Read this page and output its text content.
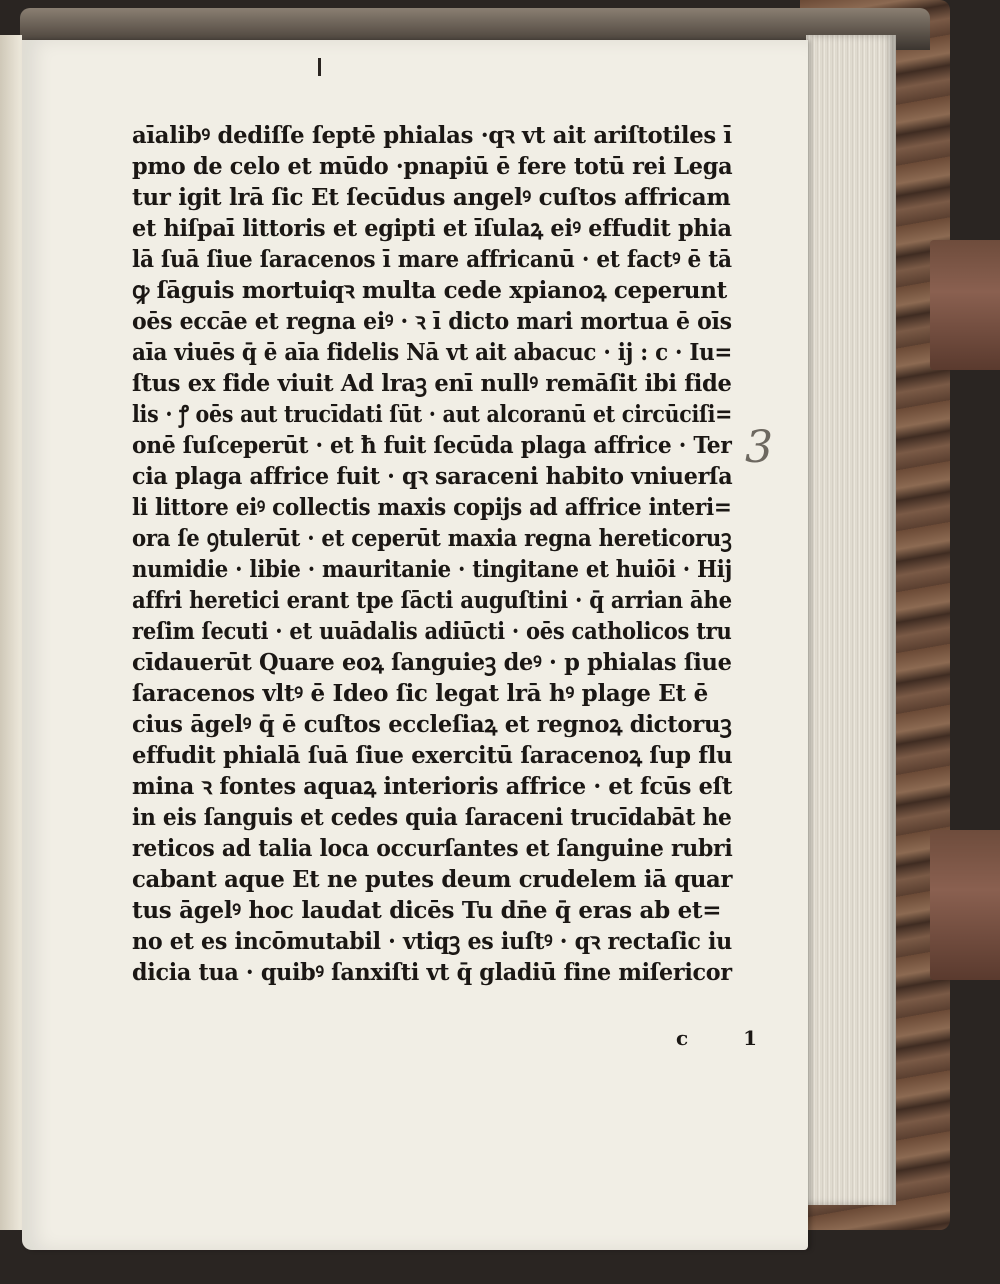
aīalibꝰ dediſſe ſeptē phialas ·qꝛ vt ait ariſtotiles ī
pmo de celo et mūdo ·pnapiū ē fere totū rei Lega
tur igit lrā ſic Et ſecūdus angelꝰ cuſtos affricam
et hiſpaī littoris et egipti et īſulaꝝ eiꝰ effudit phia
lā ſuā ſiue ſaracenos ī mare affricanū · et factꝰ ē tā
ꝙ ſāguis mortuiqꝛ multa cede xpianoꝝ ceperunt
oēs eccāe et regna eiꝰ · ꝛ ī dicto mari mortua ē oīs
aīa viuēs q̄ ē aīa fidelis Nā vt ait abacuc · ij : c · Iu=
ſtus ex fide viuit Ad lraꝫ enī nullꝰ remāſit ibi fide
lis · ꝭ oēs aut trucīdati ſūt · aut alcoranū et circūciſi=
onē ſuſceperūt · et ħ fuit ſecūda plaga affrice · Ter
cia plaga affrice fuit · qꝛ saraceni habito vniuerſa
li littore eiꝰ collectis maxis copijs ad affrice interi=
ora ſe ꝯtulerūt · et ceperūt maxia regna hereticoruꝫ
numidie · libie · mauritanie · tingitane et huiōi · Hij
affri heretici erant tpe ſācti auguſtini · q̄ arrian āhe
reſim ſecuti · et uuādalis adiūcti · oēs catholicos tru
cīdauerūt Quare eoꝝ ſanguieꝫ deꝰ · p phialas ſiue
ſaracenos vltꝰ ē Ideo ſic legat lrā hꝰ plage Et ē
cius āgelꝰ q̄ ē cuſtos eccleſiaꝝ et regnoꝝ dictoruꝫ
effudit phialā ſuā ſiue exercitū ſaracenoꝝ ſup flu
mina ꝛ fontes aquaꝝ interioris affrice · et fcūs eſt
in eis ſanguis et cedes quia ſaraceni trucīdabāt he
reticos ad talia loca occurſantes et ſanguine rubri
cabant aque Et ne putes deum crudelem iā quar
tus āgelꝰ hoc laudat dicēs Tu dn̄e q̄ eras ab et=
no et es incōmutabil · vtiqꝫ es iuſtꝰ · qꝛ rectaſic iu
dicia tua · quibꝰ ſanxiſti vt q̄ gladiū fine miſericor
c 1
3
